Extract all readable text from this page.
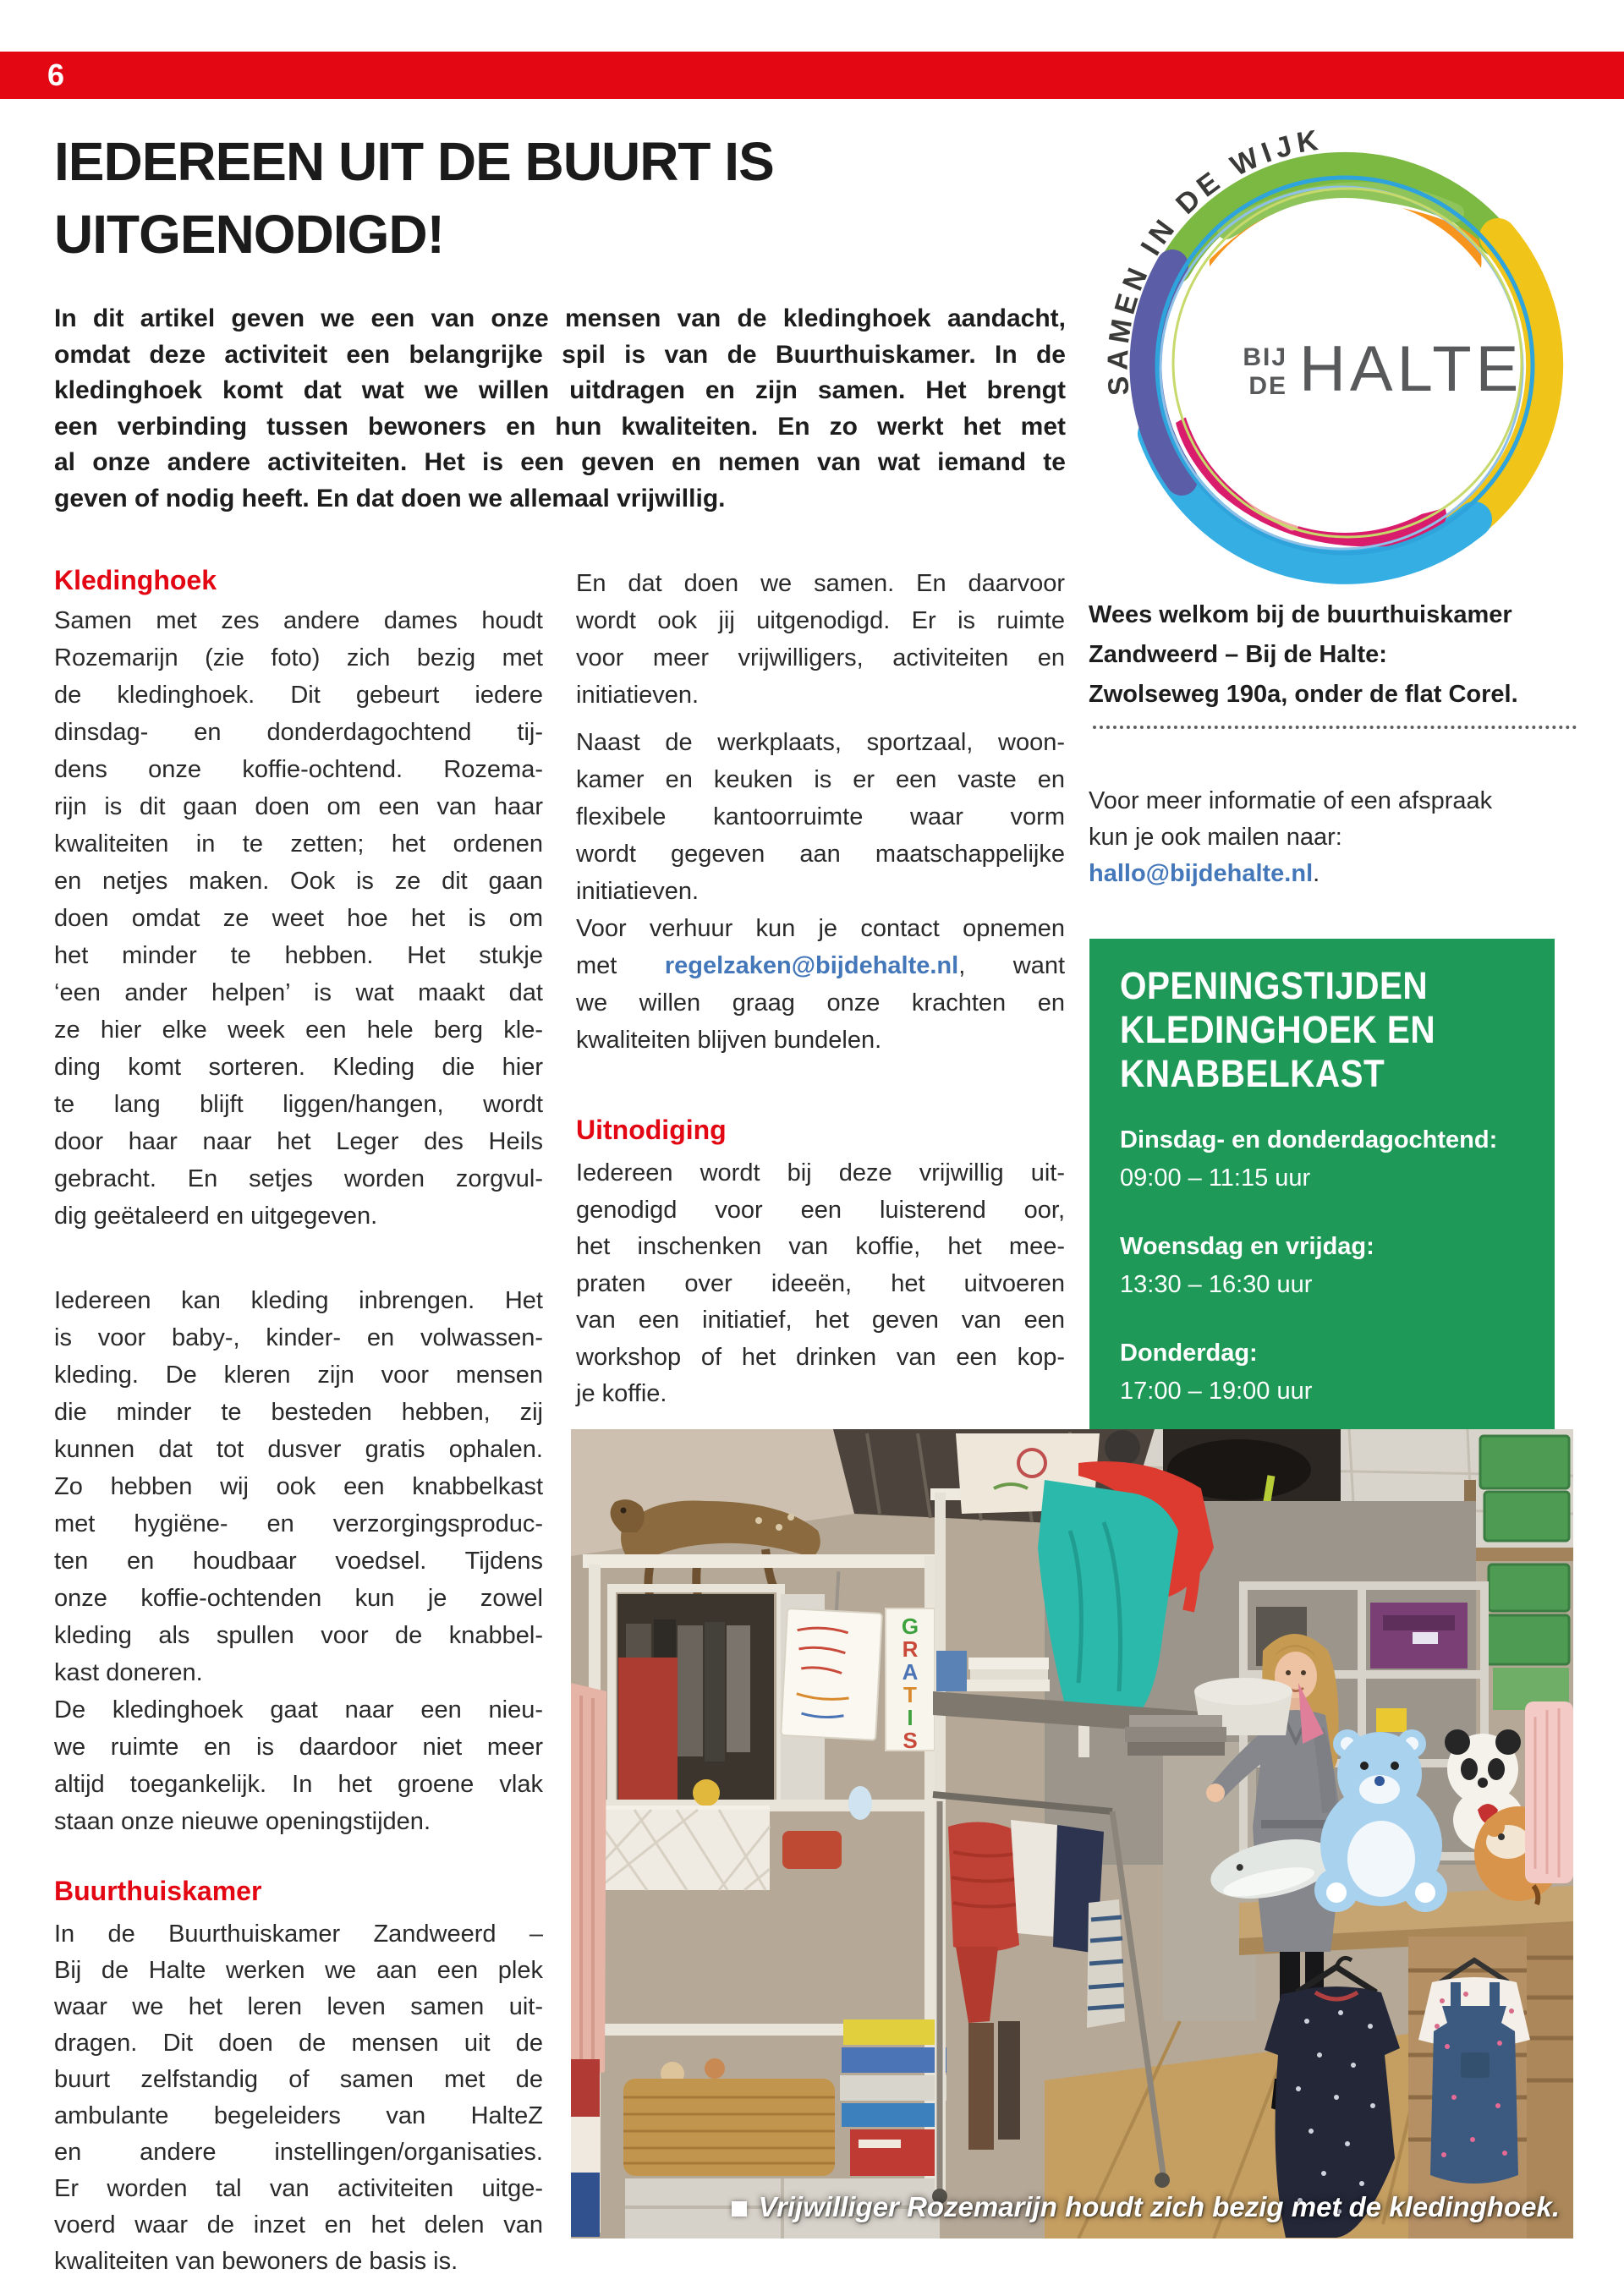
6
IEDEREEN UIT DE BUURT IS
UITGENODIGD!
In dit artikel geven we een van onze mensen van de kledinghoek aandacht,
omdat deze activiteit een belangrijke spil is van de Buurthuiskamer. In de
kledinghoek komt dat wat we willen uitdragen en zijn samen. Het brengt
een verbinding tussen bewoners en hun kwaliteiten. En zo werkt het met
al onze andere activiteiten. Het is een geven en nemen van wat iemand te
geven of nodig heeft. En dat doen we allemaal vrijwillig.
BIJ
DE HALTE
SAMEN IN DE WIJK
Kledinghoek
Samen met zes andere dames houdt
Rozemarijn (zie foto) zich bezig met
de kledinghoek. Dit gebeurt iedere
dinsdag- en donderdagochtend tij-
dens onze koffie-ochtend. Rozema-
rijn is dit gaan doen om een van haar
kwaliteiten in te zetten; het ordenen
en netjes maken. Ook is ze dit gaan
doen omdat ze weet hoe het is om
het minder te hebben. Het stukje
‘een ander helpen’ is wat maakt dat
ze hier elke week een hele berg kle-
ding komt sorteren. Kleding die hier
te lang blijft liggen/hangen, wordt
door haar naar het Leger des Heils
gebracht. En setjes worden zorgvul-
dig geëtaleerd en uitgegeven.
Iedereen kan kleding inbrengen. Het
is voor baby-, kinder- en volwassen-
kleding. De kleren zijn voor mensen
die minder te besteden hebben, zij
kunnen dat tot dusver gratis ophalen.
Zo hebben wij ook een knabbelkast
met hygiëne- en verzorgingsproduc-
ten en houdbaar voedsel. Tijdens
onze koffie-ochtenden kun je zowel
kleding als spullen voor de knabbel-
kast doneren.
De kledinghoek gaat naar een nieu-
we ruimte en is daardoor niet meer
altijd toegankelijk. In het groene vlak
staan onze nieuwe openingstijden.
Buurthuiskamer
In de Buurthuiskamer Zandweerd –
Bij de Halte werken we aan een plek
waar we het leren leven samen uit-
dragen. Dit doen de mensen uit de
buurt zelfstandig of samen met de
ambulante begeleiders van HalteZ
en andere instellingen/organisaties.
Er worden tal van activiteiten uitge-
voerd waar de inzet en het delen van
kwaliteiten van bewoners de basis is.
En dat doen we samen. En daarvoor
wordt ook jij uitgenodigd. Er is ruimte
voor meer vrijwilligers, activiteiten en
initiatieven.
Naast de werkplaats, sportzaal, woon-
kamer en keuken is er een vaste en
flexibele kantoorruimte waar vorm
wordt gegeven aan maatschappelijke
initiatieven.
Voor verhuur kun je contact opnemen
met regelzaken@bijdehalte.nl, want
we willen graag onze krachten en
kwaliteiten blijven bundelen.
Uitnodiging
Iedereen wordt bij deze vrijwillig uit-
genodigd voor een luisterend oor,
het inschenken van koffie, het mee-
praten over ideeën, het uitvoeren
van een initiatief, het geven van een
workshop of het drinken van een kop-
je koffie.
Wees welkom bij de buurthuiskamer
Zandweerd – Bij de Halte:
Zwolseweg 190a, onder de flat Corel.
Voor meer informatie of een afspraak
kun je ook mailen naar:
hallo@bijdehalte.nl.
OPENINGSTIJDEN
KLEDINGHOEK EN
KNABBELKAST
Dinsdag- en donderdagochtend:
09:00 – 11:15 uur
Woensdag en vrijdag:
13:30 – 16:30 uur
Donderdag:
17:00 – 19:00 uur
G
R
A
T
I
S
Vrijwilliger Rozemarijn houdt zich bezig met de kledinghoek.
